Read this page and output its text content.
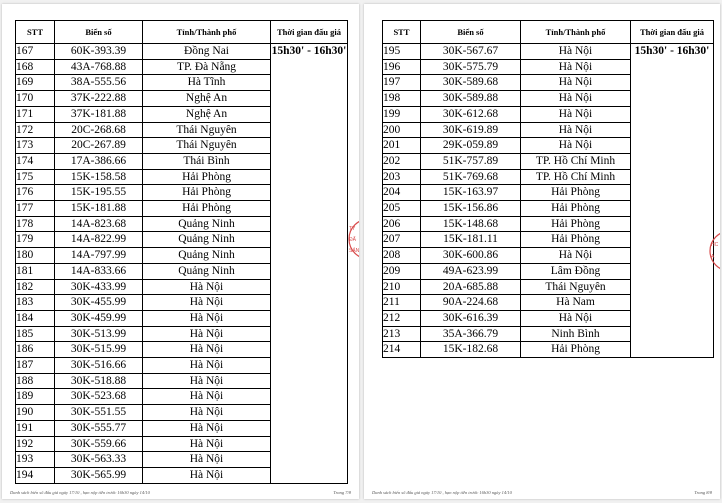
STT	Biển số	Tỉnh/Thành phố	Thời gian đấu giá
167	60K-393.39	Đồng Nai	15h30' - 16h30'
168	43A-768.88	TP. Đà Nẵng	
169	38A-555.56	Hà Tĩnh	
170	37K-222.88	Nghệ An	
171	37K-181.88	Nghệ An	
172	20C-268.68	Thái Nguyên	
173	20C-267.89	Thái Nguyên	
174	17A-386.66	Thái Bình	
175	15K-158.58	Hải Phòng	
176	15K-195.55	Hải Phòng	
177	15K-181.88	Hải Phòng	
178	14A-823.68	Quảng Ninh	
179	14A-822.99	Quảng Ninh	
180	14A-797.99	Quảng Ninh	
181	14A-833.66	Quảng Ninh	
182	30K-433.99	Hà Nội	
183	30K-455.99	Hà Nội	
184	30K-459.99	Hà Nội	
185	30K-513.99	Hà Nội	
186	30K-515.99	Hà Nội	
187	30K-516.66	Hà Nội	
188	30K-518.88	Hà Nội	
189	30K-523.68	Hà Nội	
190	30K-551.55	Hà Nội	
191	30K-555.77	Hà Nội	
192	30K-559.66	Hà Nội	
193	30K-563.33	Hà Nội	
194	30K-565.99	Hà Nội	
TY
ĐẤ
SẢN
Danh sách biển số đấu giá ngày 17/10 , hạn nộp tiền trước 16h30 ngày 14/10	Trang 7/8
STT	Biển số	Tỉnh/Thành phố	Thời gian đấu giá
195	30K-567.67	Hà Nội	15h30' - 16h30'
196	30K-575.79	Hà Nội	
197	30K-589.68	Hà Nội	
198	30K-589.88	Hà Nội	
199	30K-612.68	Hà Nội	
200	30K-619.89	Hà Nội	
201	29K-059.89	Hà Nội	
202	51K-757.89	TP. Hồ Chí Minh	
203	51K-769.68	TP. Hồ Chí Minh	
204	15K-163.97	Hải Phòng	
205	15K-156.86	Hải Phòng	
206	15K-148.68	Hải Phòng	
207	15K-181.11	Hải Phòng	
208	30K-600.86	Hà Nội	
209	49A-623.99	Lâm Đồng	
210	20A-685.88	Thái Nguyên	
211	90A-224.68	Hà Nam	
212	30K-616.39	Hà Nội	
213	35A-366.79	Ninh Bình	
214	15K-182.68	Hải Phòng	
HC
A
Danh sách biển số đấu giá ngày 17/10 , hạn nộp tiền trước 16h30 ngày 14/10	Trang 8/8
